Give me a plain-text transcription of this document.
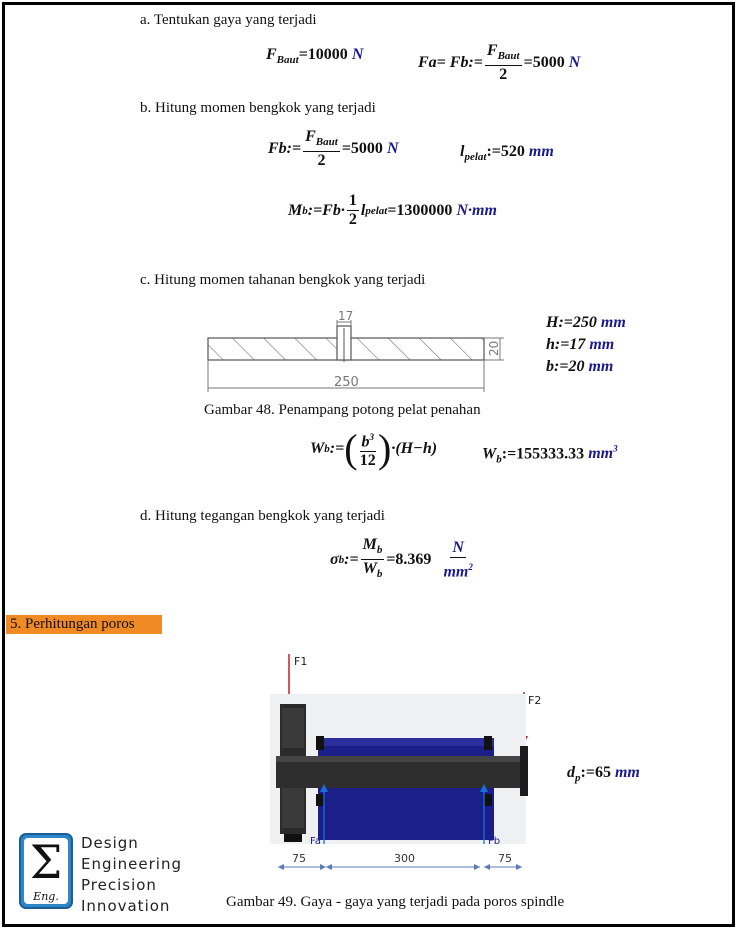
a. Tentukan gaya yang terjadi
$F_{Baut}=10000$ N	Fa= Fb:= $\frac{F_{Baut}}{2} =5000$
N
b. Hitung momen bengkok yang terjadi
Fb:= $\frac{F_{Baut}}{2} =5000$
N	$l_{pelat}:=520$ mm
M b :=Fb· $\frac{1}{2}$ l pelat =1300000
N·mm
c. Hitung momen tahanan bengkok yang terjadi
17
20
250
H:=250 mm
h:=17 mm
b:=20 mm
Gambar 48. Penampang potong pelat penahan
W b := ( $\frac{b^3}{12}$ ) ·(H−h)	$W_b:=155333.33$ $mm^3$
d. Hitung tegangan bengkok yang terjadi
σ b := $\frac{M_b}{W_b} =8.369$
$\frac{N}{mm^2}$
5. Perhitungan poros
F1
F2
Fa	Fb
75	300	75
$d_p:=65$ mm
Gambar 49. Gaya - gaya yang terjadi pada poros spindle
Σ
Eng.
Design
Engineering
Precision
Innovation
